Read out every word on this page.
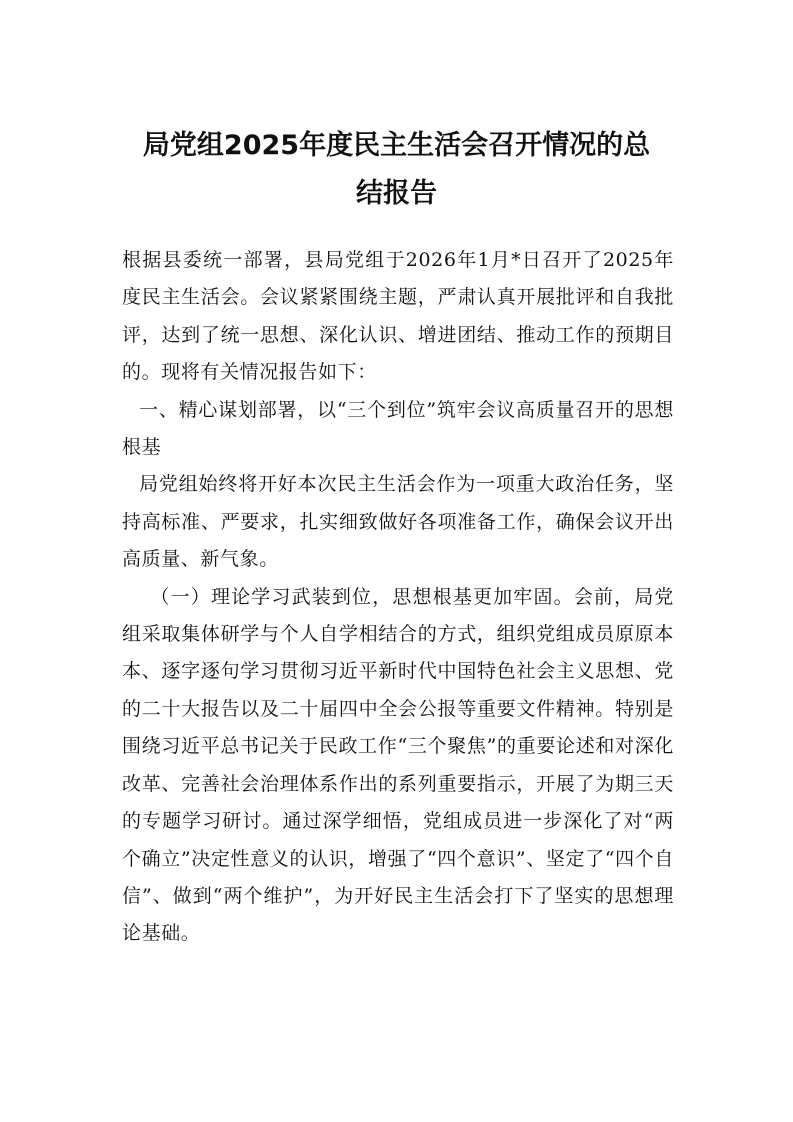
局党组2025年度民主生活会召开情况的总
结报告

根据县委统一部署，县局党组于2026年1月*日召开了2025年度民主生活会。会议紧紧围绕主题，严肃认真开展批评和自我批评，达到了统一思想、深化认识、增进团结、推动工作的预期目的。现将有关情况报告如下：

一、精心谋划部署，以“三个到位”筑牢会议高质量召开的思想根基

局党组始终将开好本次民主生活会作为一项重大政治任务，坚持高标准、严要求，扎实细致做好各项准备工作，确保会议开出高质量、新气象。

（一）理论学习武装到位，思想根基更加牢固。会前，局党组采取集体研学与个人自学相结合的方式，组织党组成员原原本本、逐字逐句学习贯彻习近平新时代中国特色社会主义思想、党的二十大报告以及二十届四中全会公报等重要文件精神。特别是围绕习近平总书记关于民政工作“三个聚焦”的重要论述和对深化改革、完善社会治理体系作出的系列重要指示，开展了为期三天的专题学习研讨。通过深学细悟，党组成员进一步深化了对“两个确立”决定性意义的认识，增强了“四个意识”、坚定了“四个自信”、做到“两个维护”，为开好民主生活会打下了坚实的思想理论基础。
